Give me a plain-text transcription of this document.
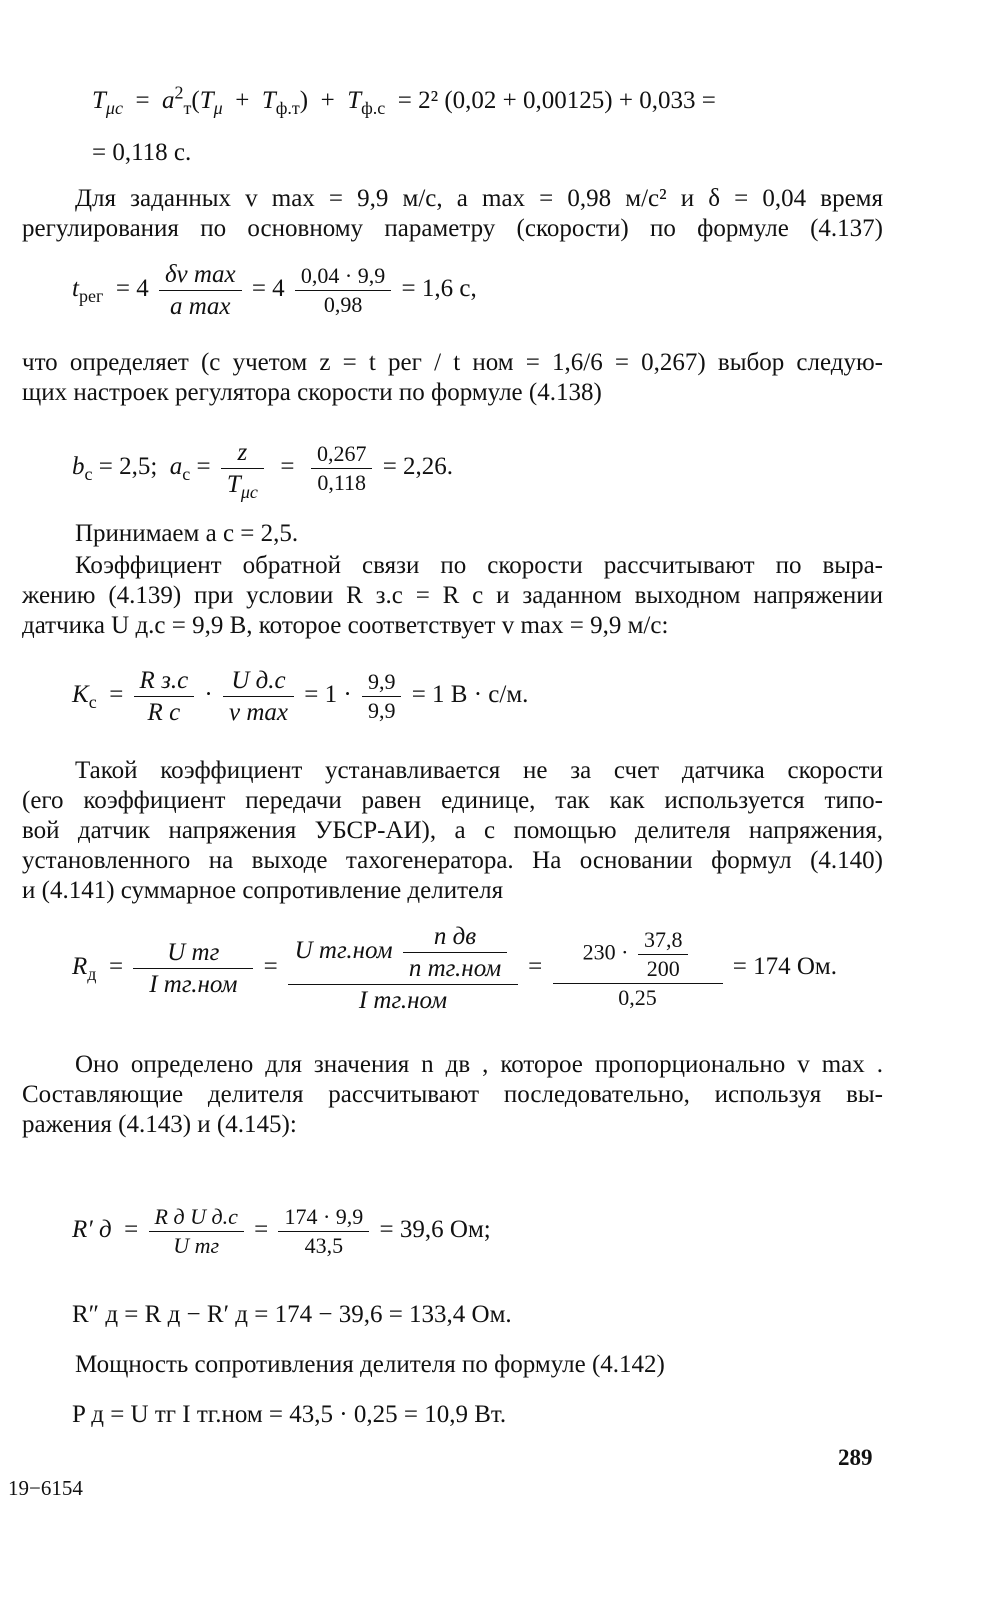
$T_{\mu c} = a^2_т(T_\mu + T_{ф.т}) + T_{ф.с} = 2^2$ (0,02 + 0,00125) + 0,033 =
= 0,118 с.
Для заданных v max = 9,9 м/с, a max = 0,98 м/с² и δ = 0,04 время
регулирования по основному параметру (скорости) по формуле (4.137)
$t_{рег} = 4 \frac{\text{δv max}}{\text{a max}} = 4 \frac{0,04 \cdot 9,9}{0,98} = 1,6$ с,
что определяет (с учетом z = t рег / t ном = 1,6/6 = 0,267) выбор следую-
щих настроек регулятора скорости по формуле (4.138)
$b_с = 2,5$; $a_с = \frac{z}{T_{\mu c}} = \frac{0,267}{0,118} = 2,26$.
Принимаем a с = 2,5.
Коэффициент обратной связи по скорости рассчитывают по выра-
жению (4.139) при условии R з.с = R с и заданном выходном напряжении
датчика U д.с = 9,9 В, которое соответствует v max = 9,9 м/с:
$K_с = \frac{\text{R з.с}}{\text{R с}} \cdot \frac{\text{U д.с}}{\text{v max}} = 1 \cdot \frac{9,9}{9,9} = 1$ В · с/м.
Такой коэффициент устанавливается не за счет датчика скорости
(его коэффициент передачи равен единице, так как используется типо-
вой датчик напряжения УБСР-АИ), а с помощью делителя напряжения,
установленного на выходе тахогенератора. На основании формул (4.140)
и (4.141) суммарное сопротивление делителя
$R_д = \frac{\text{U тг}}{\text{I тг.ном}} = \frac{U тг.ном \frac{\text{n дв}}{\text{n тг.ном}}}{\text{I тг.ном}} = \frac{230 \cdot \frac{37,8}{200}}{0,25} = 174$ Ом.
Оно определено для значения n дв , которое пропорционально v max .
Составляющие делителя рассчитывают последовательно, используя вы-
ражения (4.143) и (4.145):
R′ $д = \frac{\text{R д U д.с}}{\text{U тг}} = \frac{174 \cdot 9,9}{43,5} = 39,6$ Ом;
R″ д = R д − R′ д = 174 − 39,6 = 133,4 Ом.
Мощность сопротивления делителя по формуле (4.142)
P д = U тг I тг.ном = 43,5 · 0,25 = 10,9 Вт.
289
19−6154
